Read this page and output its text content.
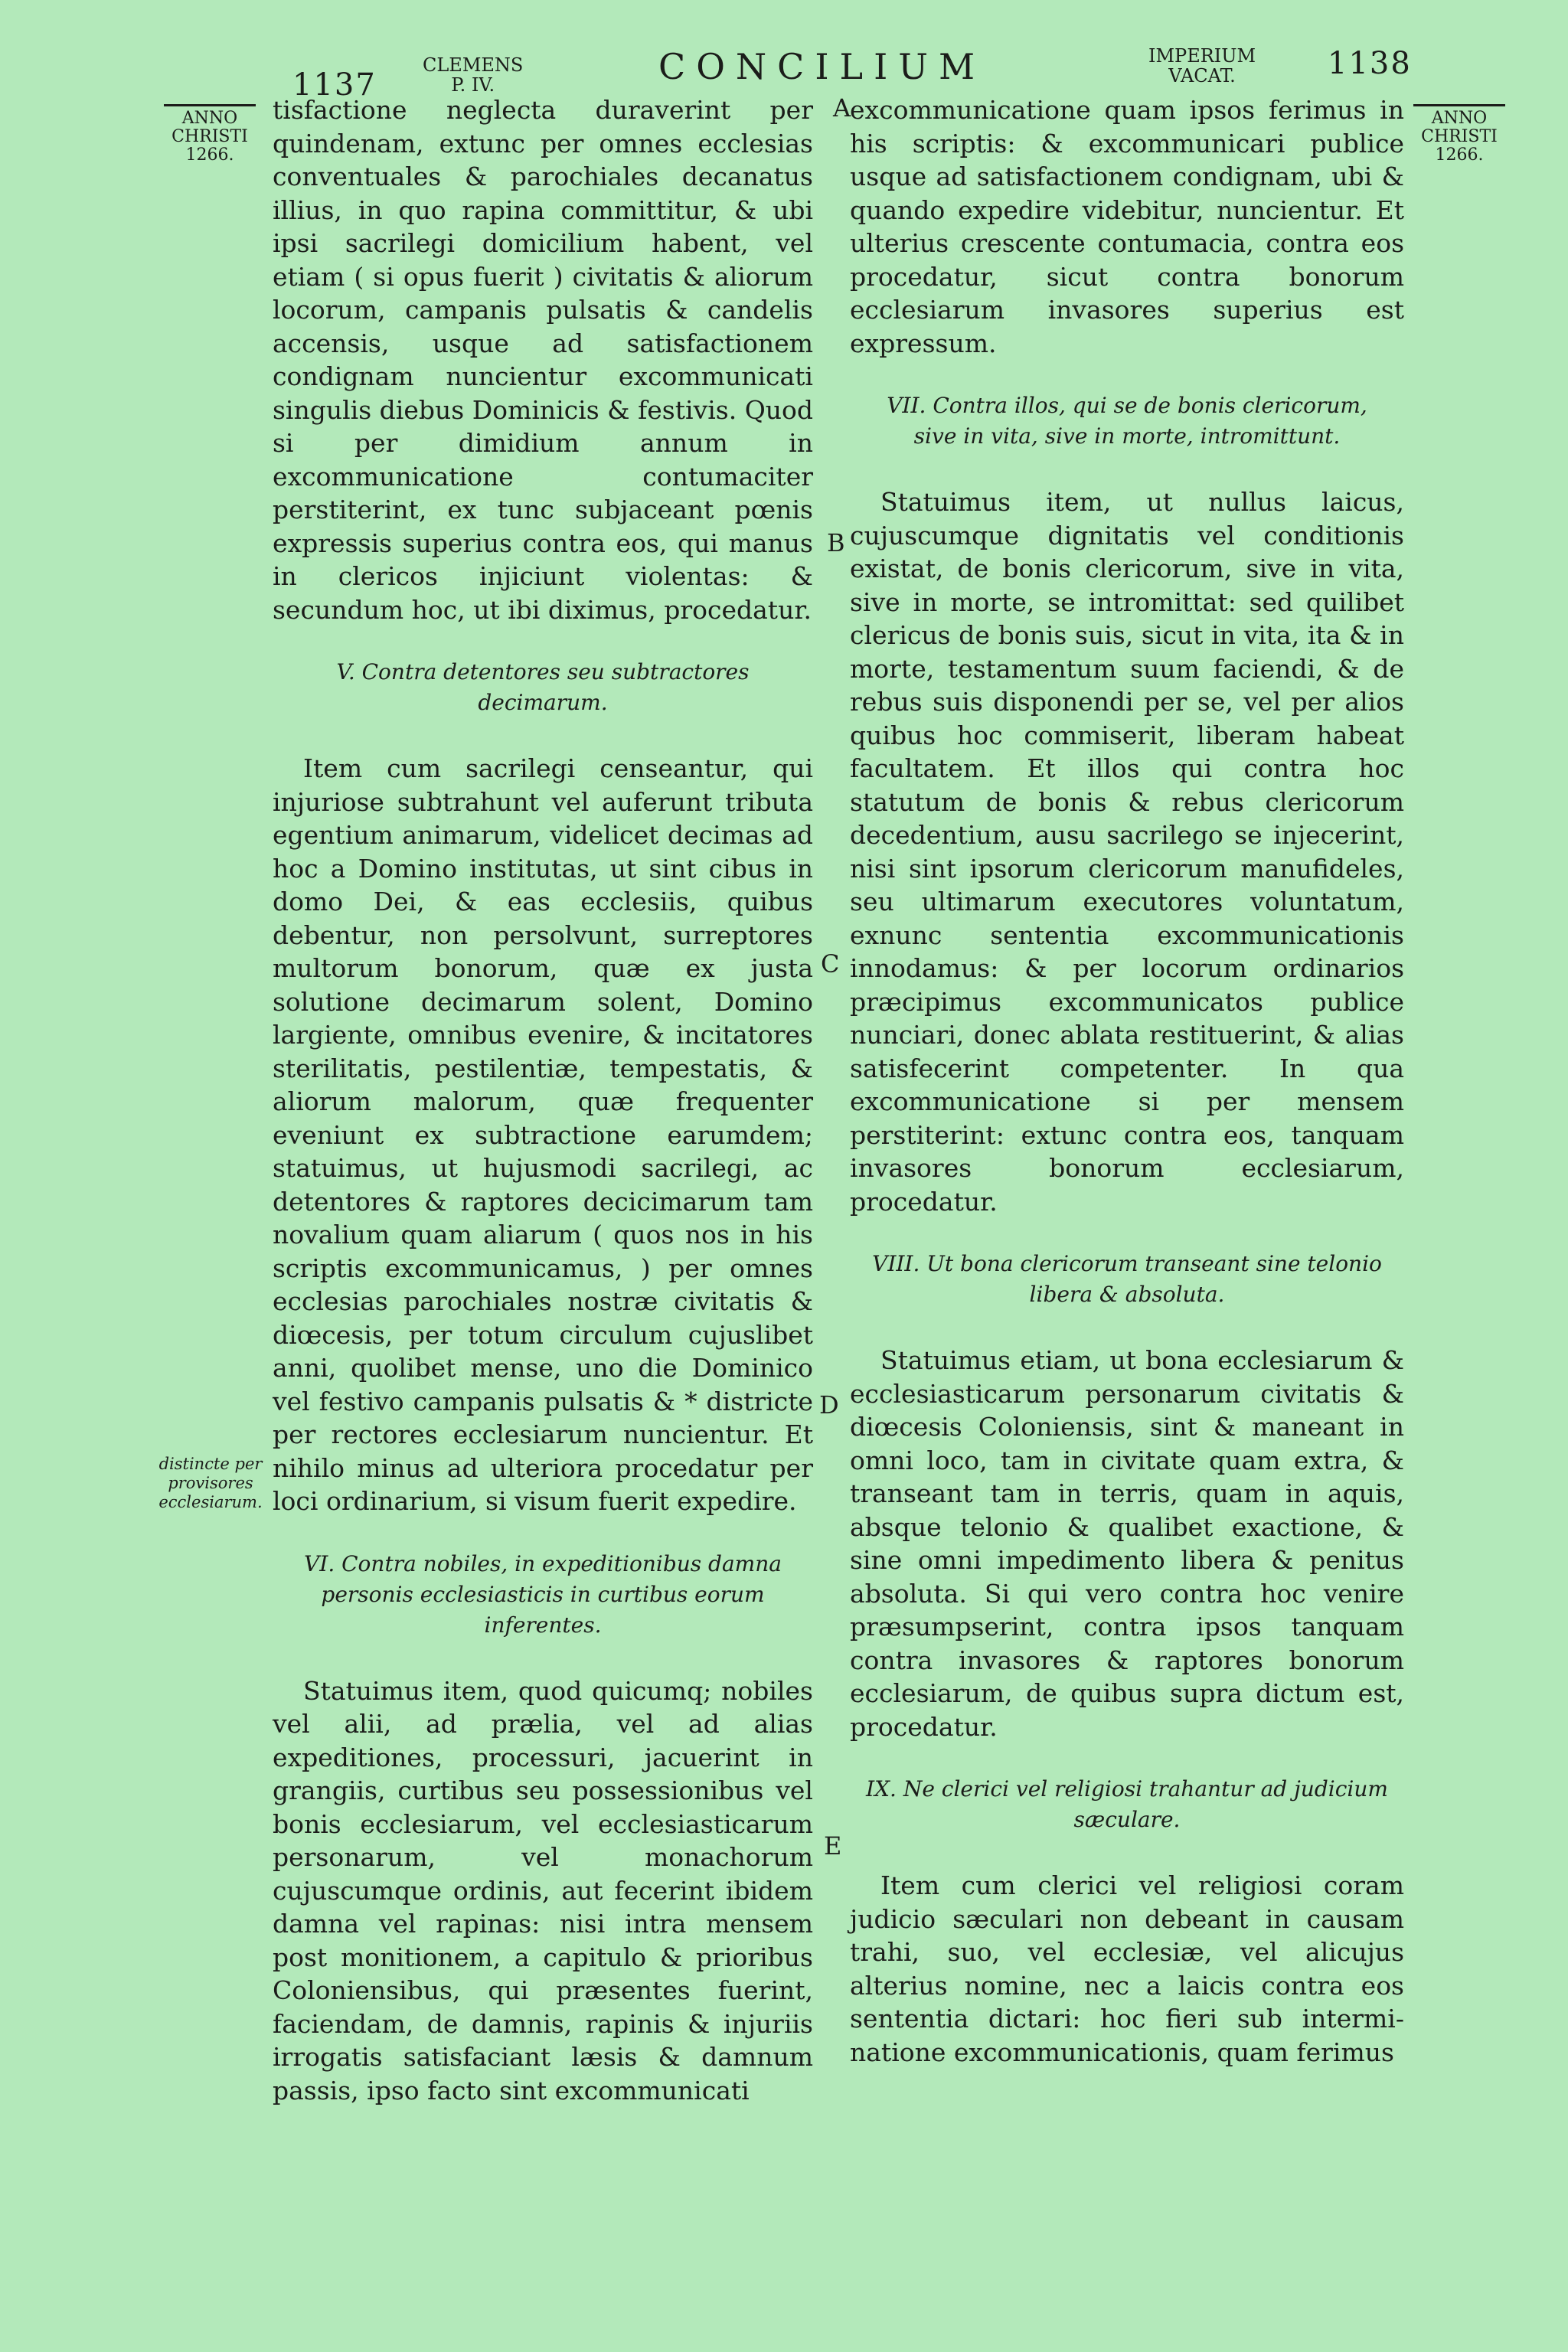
1137
CLEMENS
P. IV.	CONCILIUM	IMPERIUM
VACAT.	1138
ANNO
CHRISTI
1266.
ANNO
CHRISTI
1266.

tisfactione neglecta duraverint per quindenam, extunc per omnes ecclesias conventuales & parochiales decanatus illius, in quo rapina committitur, & ubi ipsi sacrilegi domicilium habent, vel etiam ( si opus fuerit ) civitatis & aliorum locorum, campanis pulsatis & candelis accensis, usque ad satisfactionem condignam nuncientur excommunicati singulis diebus Dominicis & festivis. Quod si per dimidium annum in excommunicatione contumaciter perstiterint, ex tunc subjaceant pœnis expressis superius contra eos, qui manus in clericos injiciunt violentas: & secundum hoc, ut ibi diximus, procedatur.

V. Contra detentores seu subtractores decimarum.

Item cum sacrilegi censeantur, qui injuriose subtrahunt vel auferunt tributa egentium animarum, videlicet decimas ad hoc a Domino institutas, ut sint cibus in domo Dei, & eas ecclesiis, quibus debentur, non persolvunt, surreptores multorum bonorum, quæ ex justa solutione decimarum solent, Domino largiente, omnibus evenire, & incitatores sterilitatis, pestilentiæ, tempestatis, & aliorum malorum, quæ frequenter eveniunt ex subtractione earumdem; statuimus, ut hujusmodi sacrilegi, ac detentores & raptores decicimarum tam novalium quam aliarum ( quos nos in his scriptis excommunicamus, ) per omnes ecclesias parochiales nostræ civitatis & diœcesis, per totum circulum cujuslibet anni, quolibet mense, uno die Dominico vel festivo campanis pulsatis & * districte per rectores ecclesiarum nuncientur. Et nihilo minus ad ulteriora procedatur per loci ordinarium, si visum fuerit expedire.

VI. Contra nobiles, in expeditionibus damna personis ecclesiasticis in curtibus eorum inferentes.

Statuimus item, quod quicumq; nobiles vel alii, ad prælia, vel ad alias expeditiones, processuri, jacuerint in grangiis, curtibus seu possessionibus vel bonis ecclesiarum, vel ecclesiasticarum personarum, vel monachorum cujuscumque ordinis, aut fecerint ibidem damna vel rapinas: nisi intra mensem post monitionem, a capitulo & prioribus Coloniensibus, qui præsentes fuerint, faciendam, de damnis, rapinis & injuriis irrogatis satisfaciant læsis & damnum passis, ipso facto sint excommunicati

excommunicatione quam ipsos ferimus in his scriptis: & excommunicari publice usque ad satisfactionem condignam, ubi & quando expedire videbitur, nuncientur. Et ulterius crescente contumacia, contra eos procedatur, sicut contra bonorum ecclesiarum invasores superius est expressum.

VII. Contra illos, qui se de bonis clericorum, sive in vita, sive in morte, intromittunt.

Statuimus item, ut nullus laicus, cujuscumque dignitatis vel conditionis existat, de bonis clericorum, sive in vita, sive in morte, se intromittat: sed quilibet clericus de bonis suis, sicut in vita, ita & in morte, testamentum suum faciendi, & de rebus suis disponendi per se, vel per alios quibus hoc commiserit, liberam habeat facultatem. Et illos qui contra hoc statutum de bonis & rebus clericorum decedentium, ausu sacrilego se injecerint, nisi sint ipsorum clericorum manufideles, seu ultimarum executores voluntatum, exnunc sententia excommunicationis innodamus: & per locorum ordinarios præcipimus excommunicatos publice nunciari, donec ablata restituerint, & alias satisfecerint competenter. In qua excommunicatione si per mensem perstiterint: extunc contra eos, tanquam invasores bonorum ecclesiarum, procedatur.

VIII. Ut bona clericorum transeant sine telonio libera & absoluta.

Statuimus etiam, ut bona ecclesiarum & ecclesiasticarum personarum civitatis & diœcesis Coloniensis, sint & maneant in omni loco, tam in civitate quam extra, & transeant tam in terris, quam in aquis, absque telonio & qualibet exactione, & sine omni impedimento libera & penitus absoluta. Si qui vero contra hoc venire præsumpserint, contra ipsos tanquam contra invasores & raptores bonorum ecclesiarum, de quibus supra dictum est, procedatur.

IX. Ne clerici vel religiosi trahantur ad judicium sæculare.

Item cum clerici vel religiosi coram judicio sæculari non debeant in causam trahi, suo, vel ecclesiæ, vel alicujus alterius nomine, nec a laicis contra eos sententia dictari: hoc fieri sub interminatione excommunicationis, quam ferimus

A
B
C
D
E
distincte per provisores ecclesiarum.
